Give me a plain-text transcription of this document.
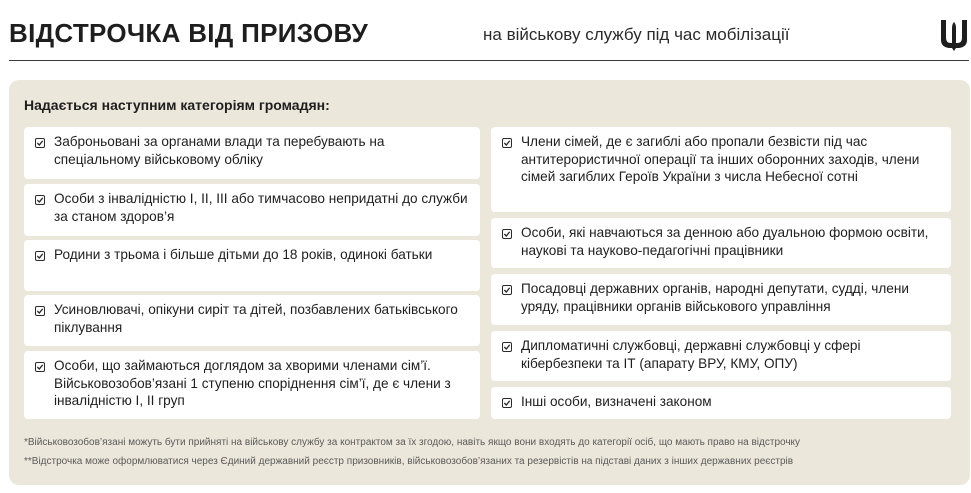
ВІДСТРОЧКА ВІД ПРИЗОВУ	на військову службу під час мобілізації
Надається наступним категоріям громадян:
Заброньовані за органами влади та перебувають на спеціальному військовому обліку
Особи з інвалідністю I, II, III або тимчасово непридатні до служби за станом здоров’я
Родини з трьома і більше дітьми до 18 років, одинокі батьки
Усиновлювачі, опікуни сиріт та дітей, позбавлених батьківського піклування
Особи, що займаються доглядом за хворими членами сім’ї. Військовозобов’язані 1 ступеню споріднення сім’ї, де є члени з інвалідністю I, II груп
Члени сімей, де є загиблі або пропали безвісти під час антитерористичної операції та інших оборонних заходів, члени сімей загиблих Героїв України з числа Небесної сотні
Особи, які навчаються за денною або дуальною формою освіти, наукові та науково-педагогічні працівники
Посадовці державних органів, народні депутати, судді, члени уряду, працівники органів військового управління
Дипломатичні службовці, державні службовці у сфері кібербезпеки та ІТ (апарату ВРУ, КМУ, ОПУ)
Інші особи, визначені законом
*Військовозобов’язані можуть бути прийняті на військову службу за контрактом за їх згодою, навіть якщо вони входять до категорії осіб, що мають право на відстрочку
**Відстрочка може оформлюватися через Єдиний державний реєстр призовників, військовозобов’язаних та резервістів на підставі даних з інших державних реєстрів
